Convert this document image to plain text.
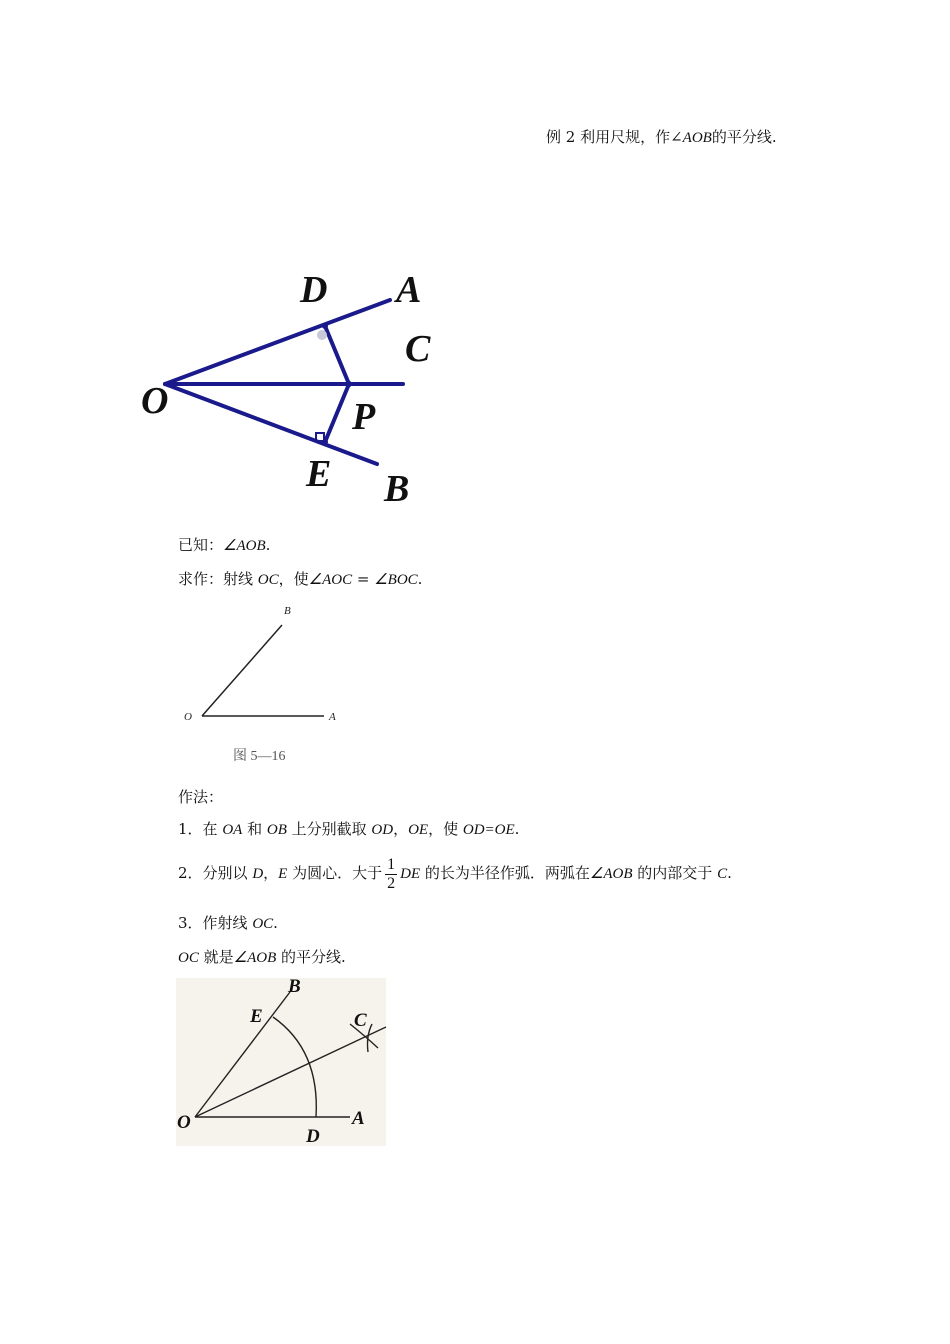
例 2 利用尺规，作∠AOB的平分线.
D A
C
O	P
E B
已知：∠AOB.
求作：射线 OC，使∠AOC = ∠BOC.
B
O	A
图 5—16
作法：
1．在 OA 和 OB 上分别截取 OD，OE，使 OD=OE.
2．分别以 D，E 为圆心．大于 $\frac{1}{2}$ DE 的长为半径作弧．两弧在∠AOB 的内部交于 C.
3．作射线 OC.
OC 就是∠AOB 的平分线.
B
E	C
O
D
A
